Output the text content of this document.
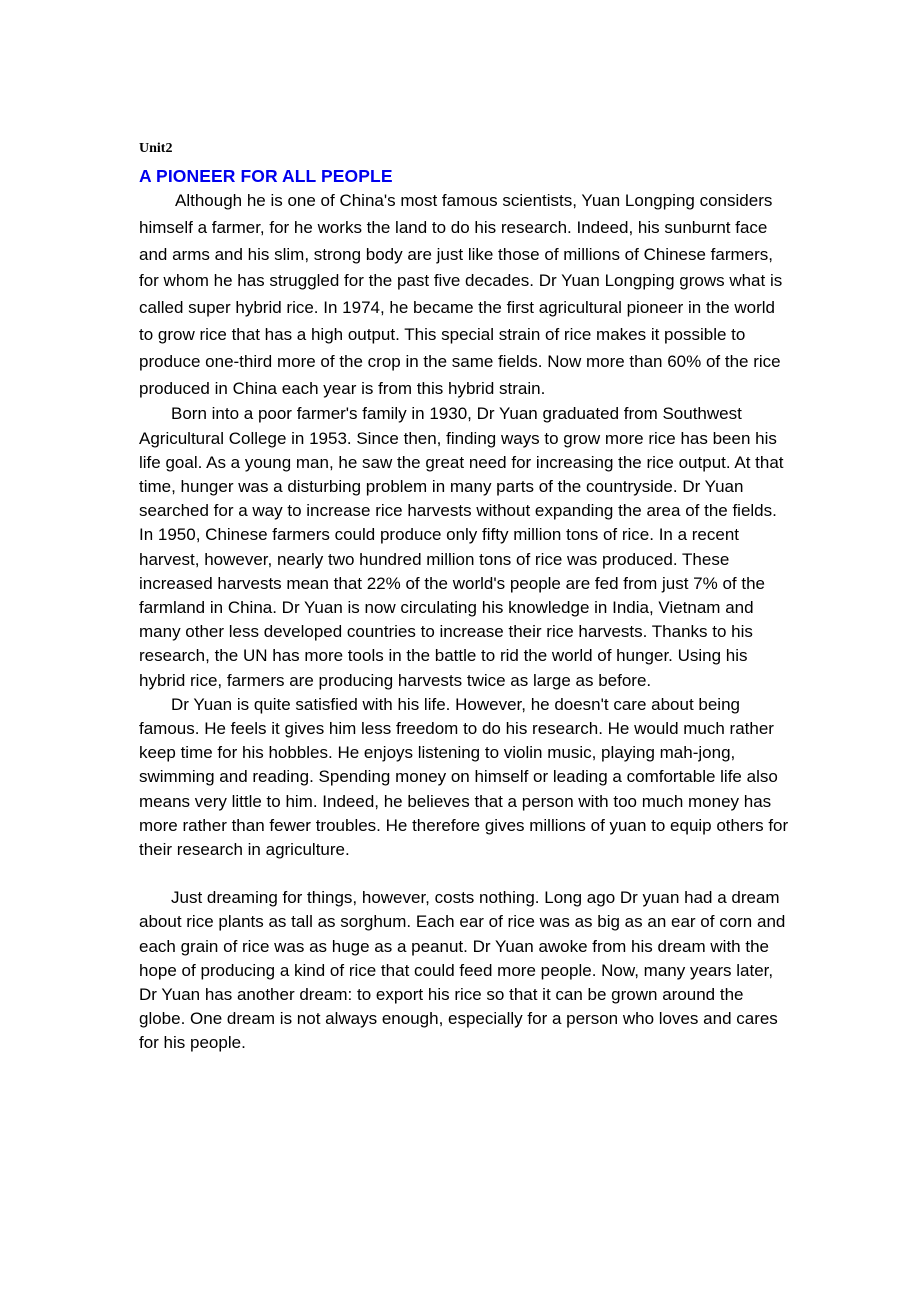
Unit2

A PIONEER FOR ALL PEOPLE

Although he is one of China's most famous scientists, Yuan Longping considers himself a farmer, for he works the land to do his research. Indeed, his sunburnt face and arms and his slim, strong body are just like those of millions of Chinese farmers, for whom he has struggled for the past five decades. Dr Yuan Longping grows what is called super hybrid rice. In 1974, he became the first agricultural pioneer in the world to grow rice that has a high output. This special strain of rice makes it possible to produce one-third more of the crop in the same fields. Now more than 60% of the rice produced in China each year is from this hybrid strain.

Born into a poor farmer's family in 1930, Dr Yuan graduated from Southwest Agricultural College in 1953. Since then, finding ways to grow more rice has been his life goal. As a young man, he saw the great need for increasing the rice output. At that time, hunger was a disturbing problem in many parts of the countryside. Dr Yuan searched for a way to increase rice harvests without expanding the area of the fields. In 1950, Chinese farmers could produce only fifty million tons of rice. In a recent harvest, however, nearly two hundred million tons of rice was produced. These increased harvests mean that 22% of the world's people are fed from just 7% of the farmland in China. Dr Yuan is now circulating his knowledge in India, Vietnam and many other less developed countries to increase their rice harvests. Thanks to his research, the UN has more tools in the battle to rid the world of hunger. Using his hybrid rice, farmers are producing harvests twice as large as before.

Dr Yuan is quite satisfied with his life. However, he doesn't care about being famous. He feels it gives him less freedom to do his research. He would much rather keep time for his hobbles. He enjoys listening to violin music, playing mah-jong, swimming and reading. Spending money on himself or leading a comfortable life also means very little to him. Indeed, he believes that a person with too much money has more rather than fewer troubles. He therefore gives millions of yuan to equip others for their research in agriculture.

Just dreaming for things, however, costs nothing. Long ago Dr yuan had a dream about rice plants as tall as sorghum. Each ear of rice was as big as an ear of corn and each grain of rice was as huge as a peanut. Dr Yuan awoke from his dream with the hope of producing a kind of rice that could feed more people. Now, many years later, Dr Yuan has another dream: to export his rice so that it can be grown around the globe. One dream is not always enough, especially for a person who loves and cares for his people.
